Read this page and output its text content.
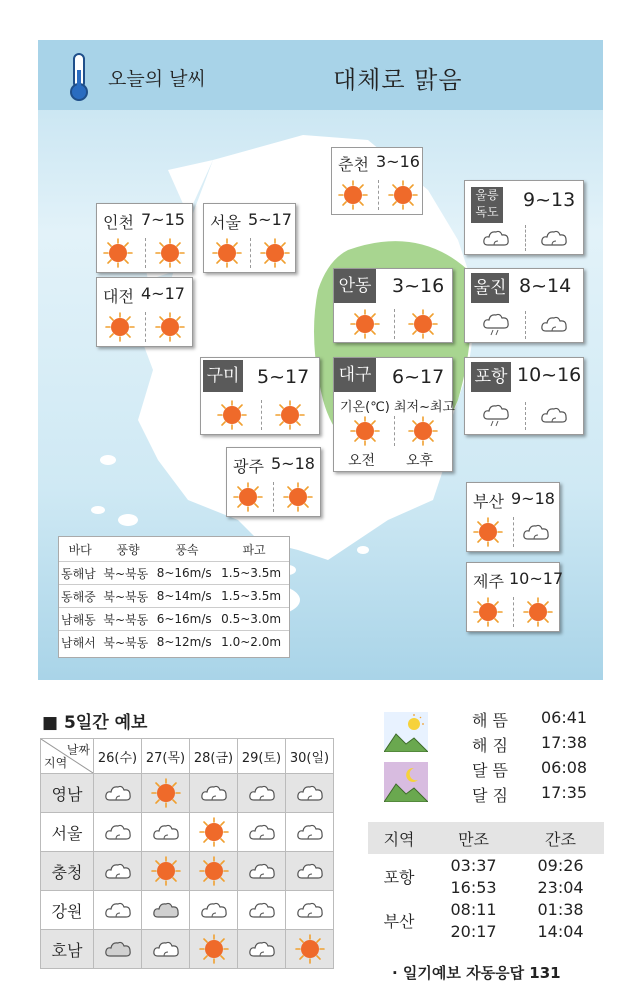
오늘의 날씨	대체로 맑음
춘천 3~16
인천 7~15 서울 5~17
울릉독도
9~13
대전 4~17	안동 3~16 울진 8~14
구미 5~17 대구 6~17
기온(℃) 최저~최고
오전 오후
포항 10~16
광주 5~18
부산 9~18
제주 10~17
바다	풍향	풍속	파고
동해남	북~북동	8~16m/s	1.5~3.5m
동해중	북~북동	8~14m/s	1.5~3.5m
남해동	북~북동	6~16m/s	0.5~3.0m
남해서	북~북동	8~12m/s	1.0~2.0m
■ 5일간 예보
날짜
지역	26(수)	27(목)	28(금)	29(토)	30(일)
영남					
서울					
충청					
강원					
호남					
해 뜸 06:41
해 짐 17:38
달 뜸 06:08
달 짐 17:35
지역	만조	간조
포항	03:37	09:26
	16:53	23:04
부산	08:11	01:38
	20:17	14:04
· 일기예보 자동응답 131
